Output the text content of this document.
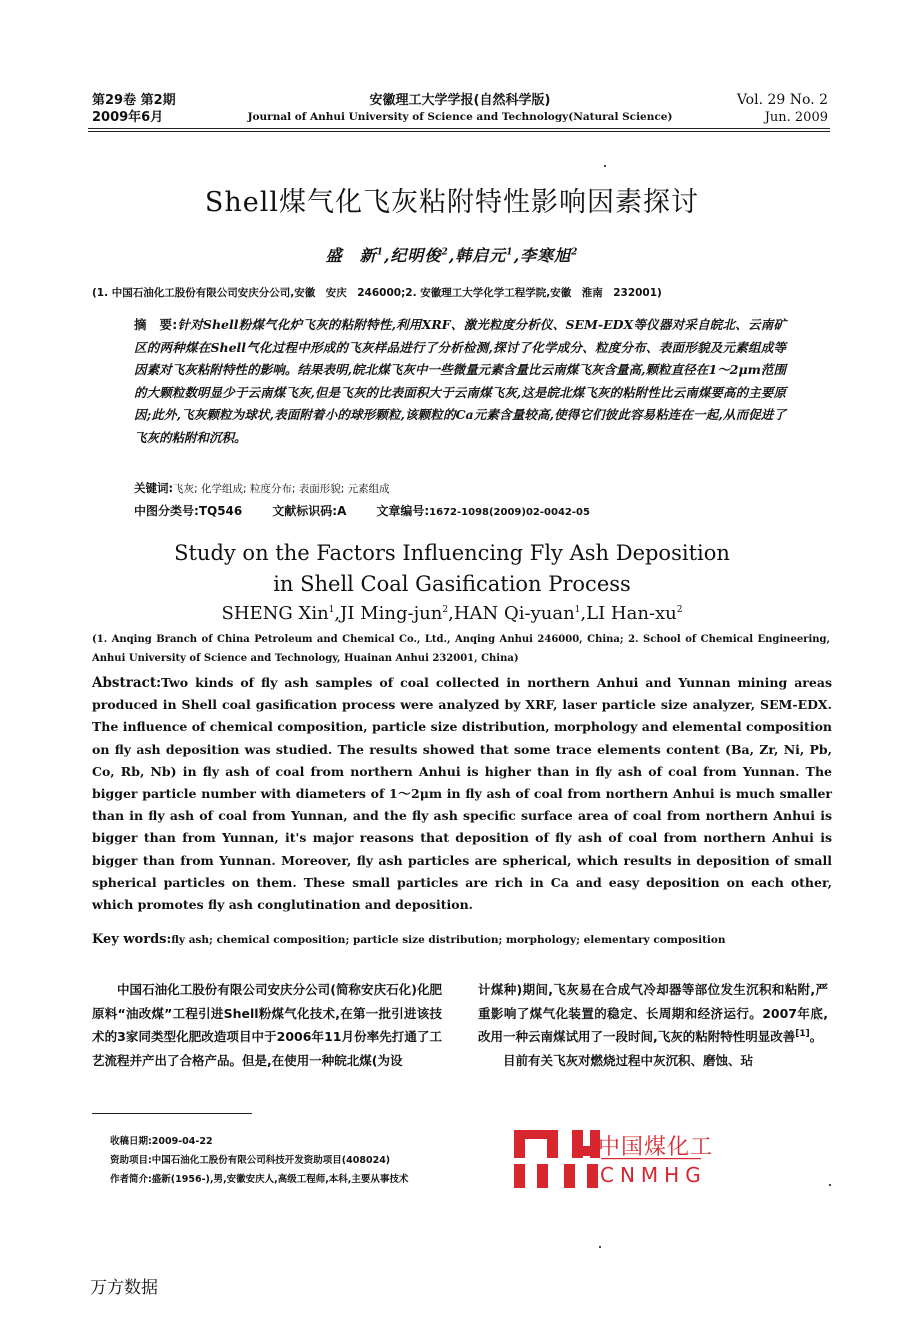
第29卷 第2期
2009年6月
安徽理工大学学报(自然科学版)
Journal of Anhui University of Science and Technology(Natural Science)
Vol. 29 No. 2
Jun. 2009
Shell煤气化飞灰粘附特性影响因素探讨
盛　新$^1$,纪明俊$^2$,韩启元$^1$,李寒旭$^2$
(1. 中国石油化工股份有限公司安庆分公司,安徽　安庆　246000;2. 安徽理工大学化学工程学院,安徽　淮南　232001)
摘　要:针对Shell粉煤气化炉飞灰的粘附特性,利用XRF、激光粒度分析仪、SEM-EDX等仪器对采自皖北、云南矿区的两种煤在Shell气化过程中形成的飞灰样品进行了分析检测,探讨了化学成分、粒度分布、表面形貌及元素组成等因素对飞灰粘附特性的影响。结果表明,皖北煤飞灰中一些微量元素含量比云南煤飞灰含量高,颗粒直径在1～2μm范围的大颗粒数明显少于云南煤飞灰,但是飞灰的比表面积大于云南煤飞灰,这是皖北煤飞灰的粘附性比云南煤要高的主要原因;此外,飞灰颗粒为球状,表面附着小的球形颗粒,该颗粒的Ca元素含量较高,使得它们彼此容易粘连在一起,从而促进了飞灰的粘附和沉积。
关键词:飞灰; 化学组成; 粒度分布; 表面形貌; 元素组成
中图分类号:TQ546	文献标识码:A	文章编号:1672-1098(2009)02-0042-05
Study on the Factors Influencing Fly Ash Deposition
in Shell Coal Gasification Process
SHENG Xin$^1$,JI Ming-jun$^2$,HAN Qi-yuan$^1$,LI Han-$xu^2$
(1. Anqing Branch of China Petroleum and Chemical Co., Ltd., Anqing Anhui 246000, China; 2. School of Chemical Engineering, Anhui University of Science and Technology, Huainan Anhui 232001, China)
Abstract:Two kinds of fly ash samples of coal collected in northern Anhui and Yunnan mining areas produced in Shell coal gasification process were analyzed by XRF, laser particle size analyzer, SEM-EDX. The influence of chemical composition, particle size distribution, morphology and elemental composition on fly ash deposition was studied. The results showed that some trace elements content (Ba, Zr, Ni, Pb, Co, Rb, Nb) in fly ash of coal from northern Anhui is higher than in fly ash of coal from Yunnan. The bigger particle number with diameters of 1～2μm in fly ash of coal from northern Anhui is much smaller than in fly ash of coal from Yunnan, and the fly ash specific surface area of coal from northern Anhui is bigger than from Yunnan, it's major reasons that deposition of fly ash of coal from northern Anhui is bigger than from Yunnan. Moreover, fly ash particles are spherical, which results in deposition of small spherical particles on them. These small particles are rich in Ca and easy deposition on each other, which promotes fly ash conglutination and deposition.
Key words:fly ash; chemical composition; particle size distribution; morphology; elementary composition

中国石油化工股份有限公司安庆分公司(简称安庆石化)化肥原料“油改煤”工程引进Shell粉煤气化技术,在第一批引进该技术的3家同类型化肥改造项目中于2006年11月份率先打通了工艺流程并产出了合格产品。但是,在使用一种皖北煤(为设

计煤种)期间,飞灰易在合成气冷却器等部位发生沉积和粘附,严重影响了煤气化装置的稳定、长周期和经济运行。2007年底,改用一种云南煤试用了一段时间,飞灰的粘附特性明显改善[1]。

目前有关飞灰对燃烧过程中灰沉积、磨蚀、玷

收稿日期:2009-04-22
资助项目:中国石油化工股份有限公司科技开发资助项目(408024)
作者简介:盛新(1956-),男,安徽安庆人,高级工程师,本科,主要从事技术
中国煤化工
CNMHG
万方数据
